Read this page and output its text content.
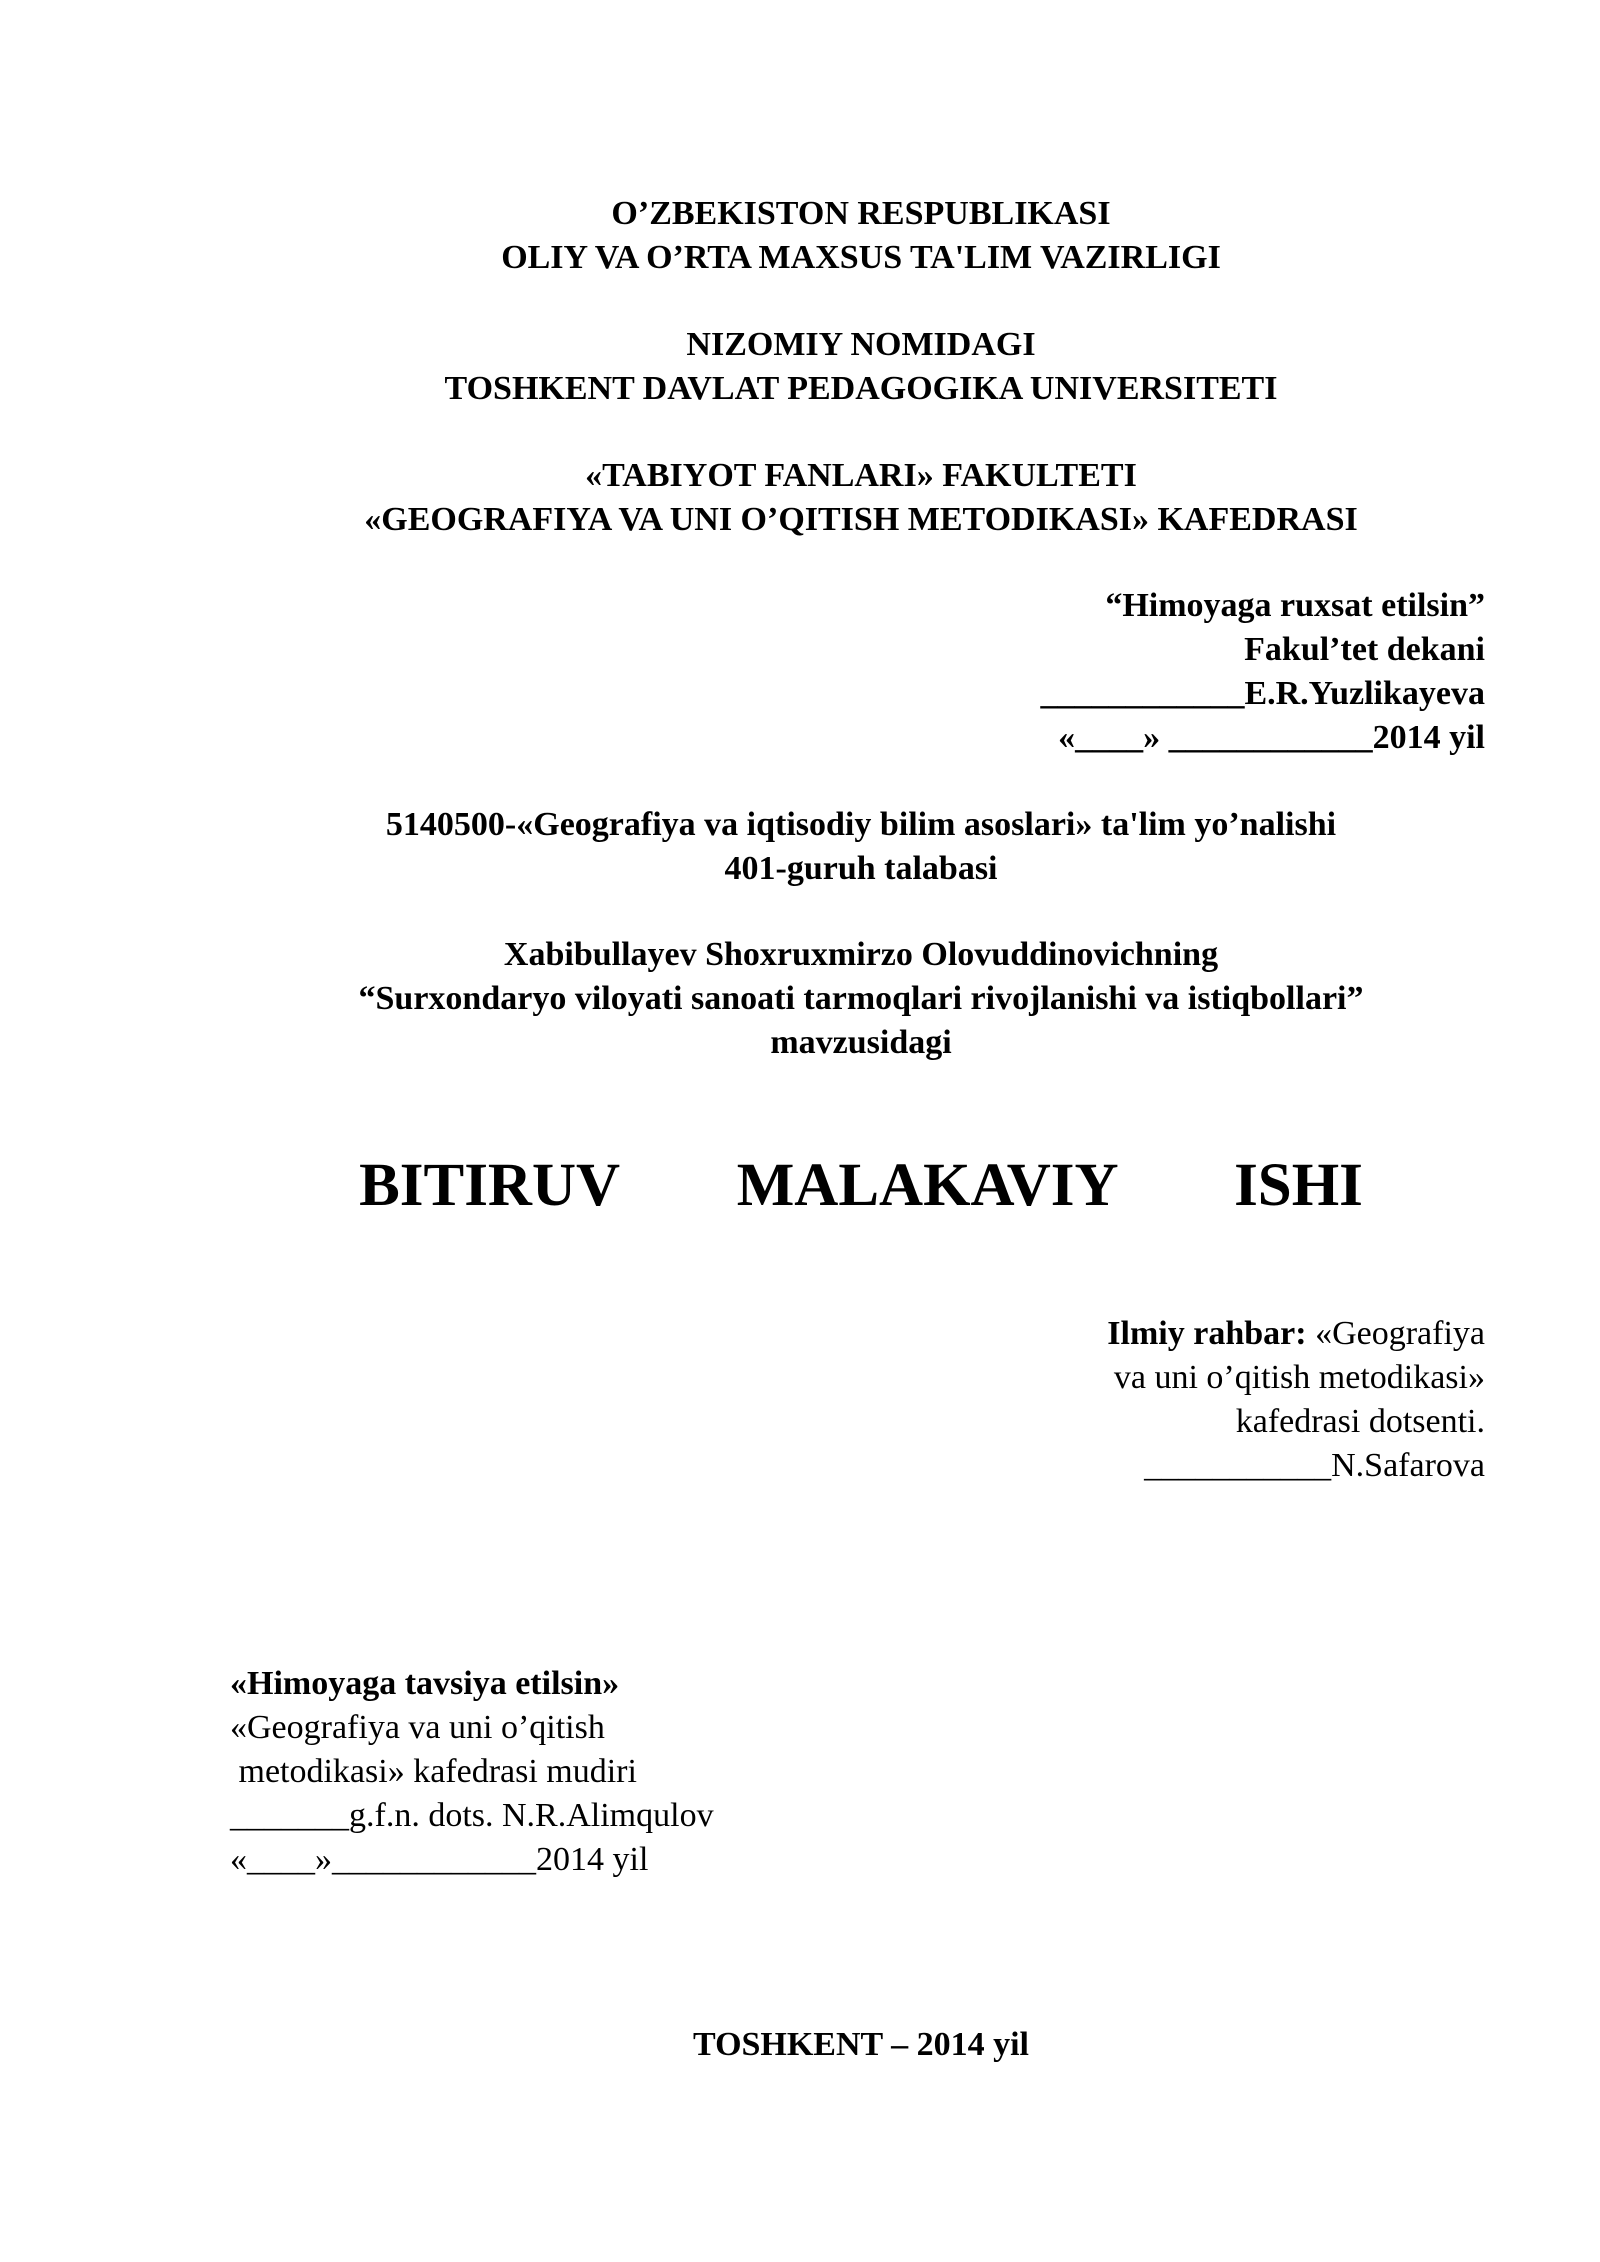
O’ZBEKISTON RESPUBLIKASI
OLIY VA O’RTA MAXSUS TA'LIM VAZIRLIGI
NIZOMIY NOMIDAGI
TOSHKENT DAVLAT PEDAGOGIKA UNIVERSITETI
«TABIYOT FANLARI» FAKULTETI
«GEOGRAFIYA VA UNI O’QITISH METODIKASI» KAFEDRASI
“Himoyaga ruxsat etilsin”
Fakul’tet dekani
____________E.R.Yuzlikayeva
«____» ____________2014 yil
5140500-«Geografiya va iqtisodiy bilim asoslari» ta'lim yo’nalishi
401-guruh talabasi
Xabibullayev Shoxruxmirzo Olovuddinovichning
“Surxondaryo viloyati sanoati tarmoqlari rivojlanishi va istiqbollari”
mavzusidagi
BITIRUV   MALAKAVIY   ISHI
Ilmiy rahbar: «Geografiya
va uni o’qitish metodikasi»
kafedrasi dotsenti.
___________N.Safarova
«Himoyaga tavsiya etilsin»
«Geografiya va uni o’qitish
metodikasi» kafedrasi mudiri
_______g.f.n. dots. N.R.Alimqulov
«____»____________2014 yil
TOSHKENT – 2014 yil
